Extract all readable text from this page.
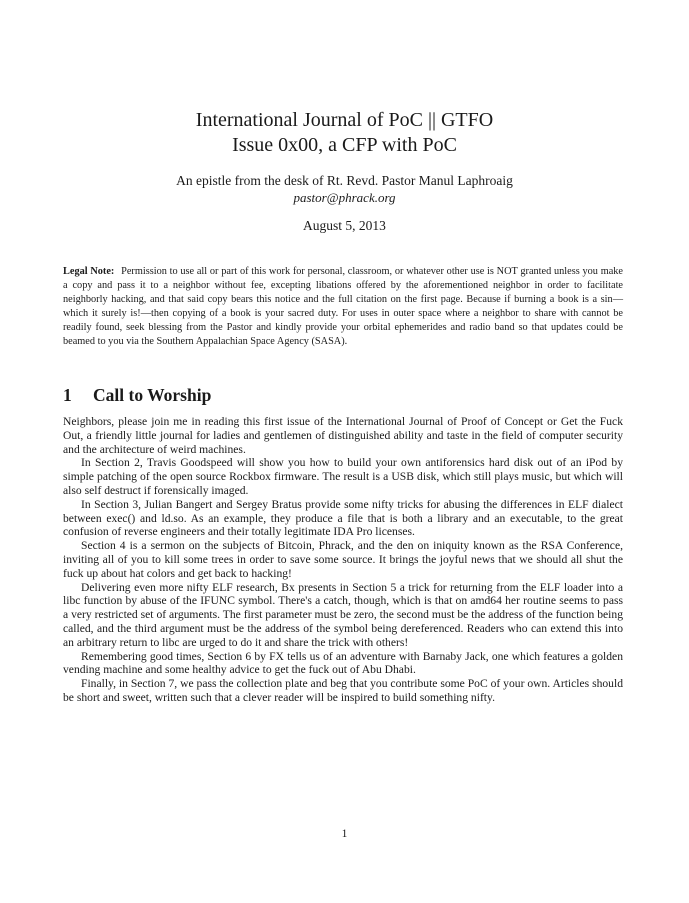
International Journal of PoC || GTFO
Issue 0x00, a CFP with PoC
An epistle from the desk of Rt. Revd. Pastor Manul Laphroaig
pastor@phrack.org
August 5, 2013
Legal Note: Permission to use all or part of this work for personal, classroom, or whatever other use is NOT granted unless you make a copy and pass it to a neighbor without fee, excepting libations offered by the aforementioned neighbor in order to facilitate neighborly hacking, and that said copy bears this notice and the full citation on the first page. Because if burning a book is a sin—which it surely is!—then copying of a book is your sacred duty. For uses in outer space where a neighbor to share with cannot be readily found, seek blessing from the Pastor and kindly provide your orbital ephemerides and radio band so that updates could be beamed to you via the Southern Appalachian Space Agency (SASA).
1 Call to Worship

Neighbors, please join me in reading this first issue of the International Journal of Proof of Concept or Get the Fuck Out, a friendly little journal for ladies and gentlemen of distinguished ability and taste in the field of computer security and the architecture of weird machines.

In Section 2, Travis Goodspeed will show you how to build your own antiforensics hard disk out of an iPod by simple patching of the open source Rockbox firmware. The result is a USB disk, which still plays music, but which will also self destruct if forensically imaged.

In Section 3, Julian Bangert and Sergey Bratus provide some nifty tricks for abusing the differences in ELF dialect between exec() and ld.so. As an example, they produce a file that is both a library and an executable, to the great confusion of reverse engineers and their totally legitimate IDA Pro licenses.

Section 4 is a sermon on the subjects of Bitcoin, Phrack, and the den on iniquity known as the RSA Conference, inviting all of you to kill some trees in order to save some source. It brings the joyful news that we should all shut the fuck up about hat colors and get back to hacking!

Delivering even more nifty ELF research, Bx presents in Section 5 a trick for returning from the ELF loader into a libc function by abuse of the IFUNC symbol. There's a catch, though, which is that on amd64 her routine seems to pass a very restricted set of arguments. The first parameter must be zero, the second must be the address of the function being called, and the third argument must be the address of the symbol being dereferenced. Readers who can extend this into an arbitrary return to libc are urged to do it and share the trick with others!

Remembering good times, Section 6 by FX tells us of an adventure with Barnaby Jack, one which features a golden vending machine and some healthy advice to get the fuck out of Abu Dhabi.

Finally, in Section 7, we pass the collection plate and beg that you contribute some PoC of your own. Articles should be short and sweet, written such that a clever reader will be inspired to build something nifty.

1
